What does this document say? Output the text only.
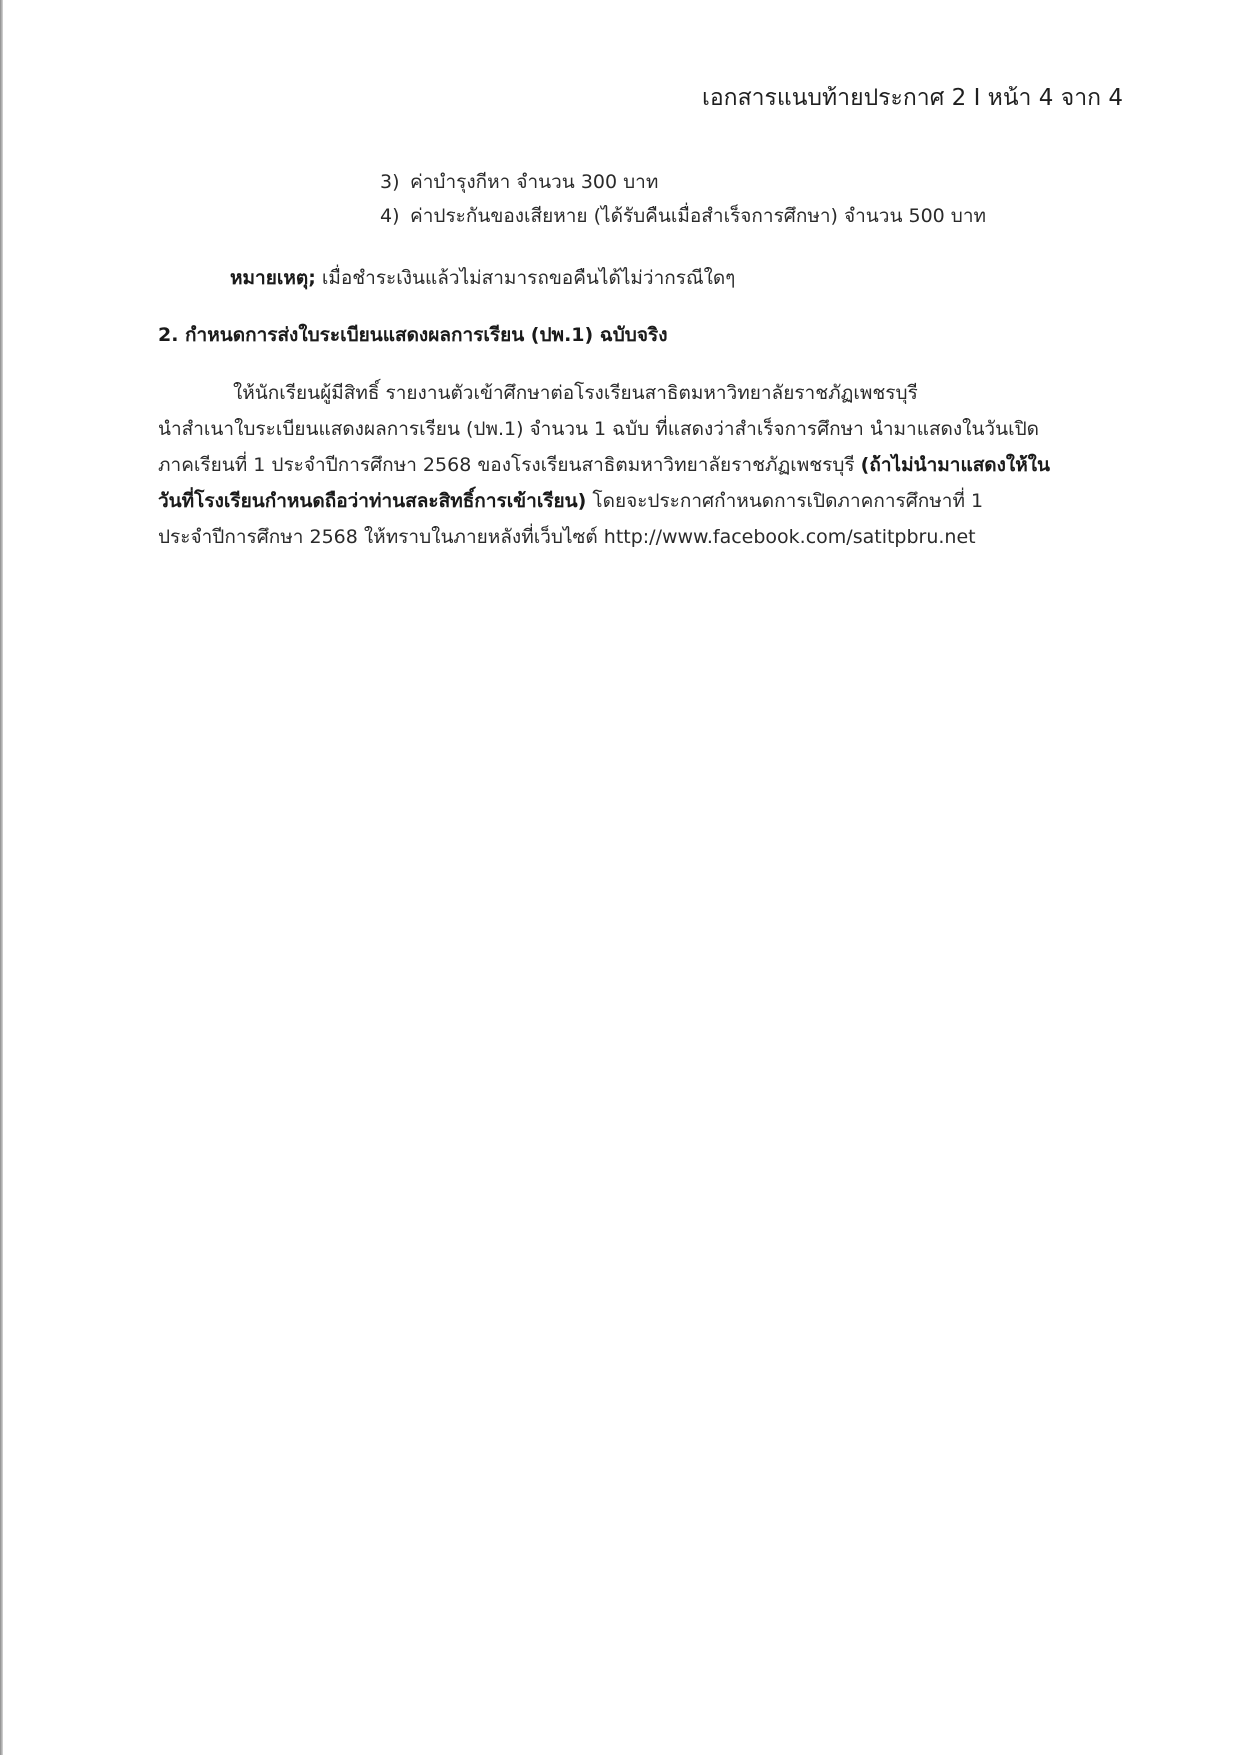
เอกสารแนบท้ายประกาศ 2 I หน้า 4 จาก 4
3) ค่าบำรุงกีหา จำนวน 300 บาท
4) ค่าประกันของเสียหาย (ได้รับคืนเมื่อสำเร็จการศึกษา) จำนวน 500 บาท
หมายเหตุ; เมื่อชำระเงินแล้วไม่สามารถขอคืนได้ไม่ว่ากรณีใดๆ
2. กำหนดการส่งใบระเบียนแสดงผลการเรียน (ปพ.1) ฉบับจริง
ให้นักเรียนผู้มีสิทธิ์ รายงานตัวเข้าศึกษาต่อโรงเรียนสาธิตมหาวิทยาลัยราชภัฏเพชรบุรี
นำสำเนาใบระเบียนแสดงผลการเรียน (ปพ.1) จำนวน 1 ฉบับ ที่แสดงว่าสำเร็จการศึกษา นำมาแสดงในวันเปิด
ภาคเรียนที่ 1 ประจำปีการศึกษา 2568 ของโรงเรียนสาธิตมหาวิทยาลัยราชภัฏเพชรบุรี (ถ้าไม่นำมาแสดงให้ใน
วันที่โรงเรียนกำหนดถือว่าท่านสละสิทธิ์การเข้าเรียน) โดยจะประกาศกำหนดการเปิดภาคการศึกษาที่ 1
ประจำปีการศึกษา 2568 ให้ทราบในภายหลังที่เว็บไซต์ http://www.facebook.com/satitpbru.net
